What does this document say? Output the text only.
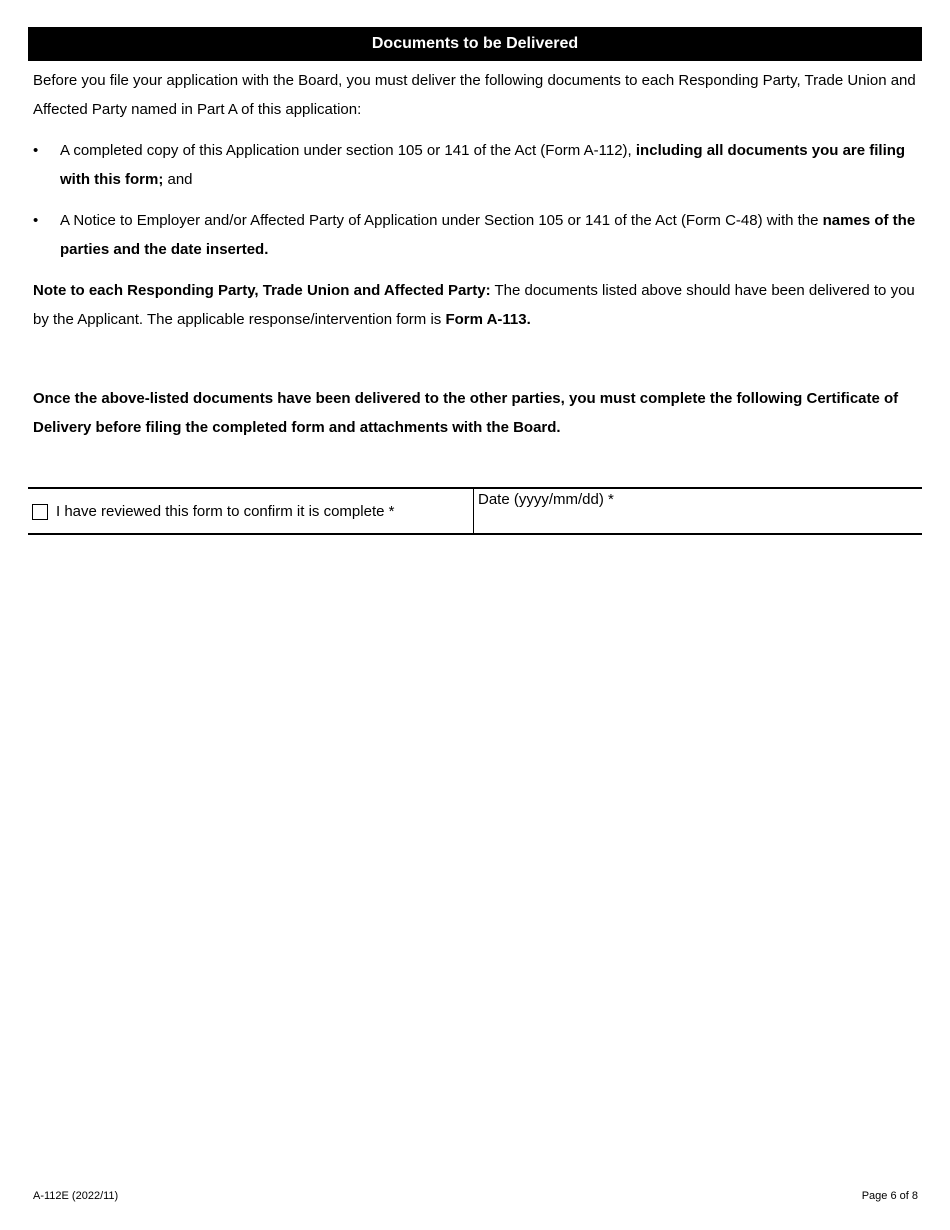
Documents to be Delivered

Before you file your application with the Board, you must deliver the following documents to each Responding Party, Trade Union and Affected Party named in Part A of this application:

• A completed copy of this Application under section 105 or 141 of the Act (Form A-112), including all documents you are filing with this form; and
• A Notice to Employer and/or Affected Party of Application under Section 105 or 141 of the Act (Form C-48) with the names of the parties and the date inserted.

Note to each Responding Party, Trade Union and Affected Party: The documents listed above should have been delivered to you by the Applicant. The applicable response/intervention form is Form A-113.

Once the above-listed documents have been delivered to the other parties, you must complete the following Certificate of Delivery before filing the completed form and attachments with the Board.

I have reviewed this form to confirm it is complete *
Date (yyyy/mm/dd) *
A-112E (2022/11)	Page 6 of 8
